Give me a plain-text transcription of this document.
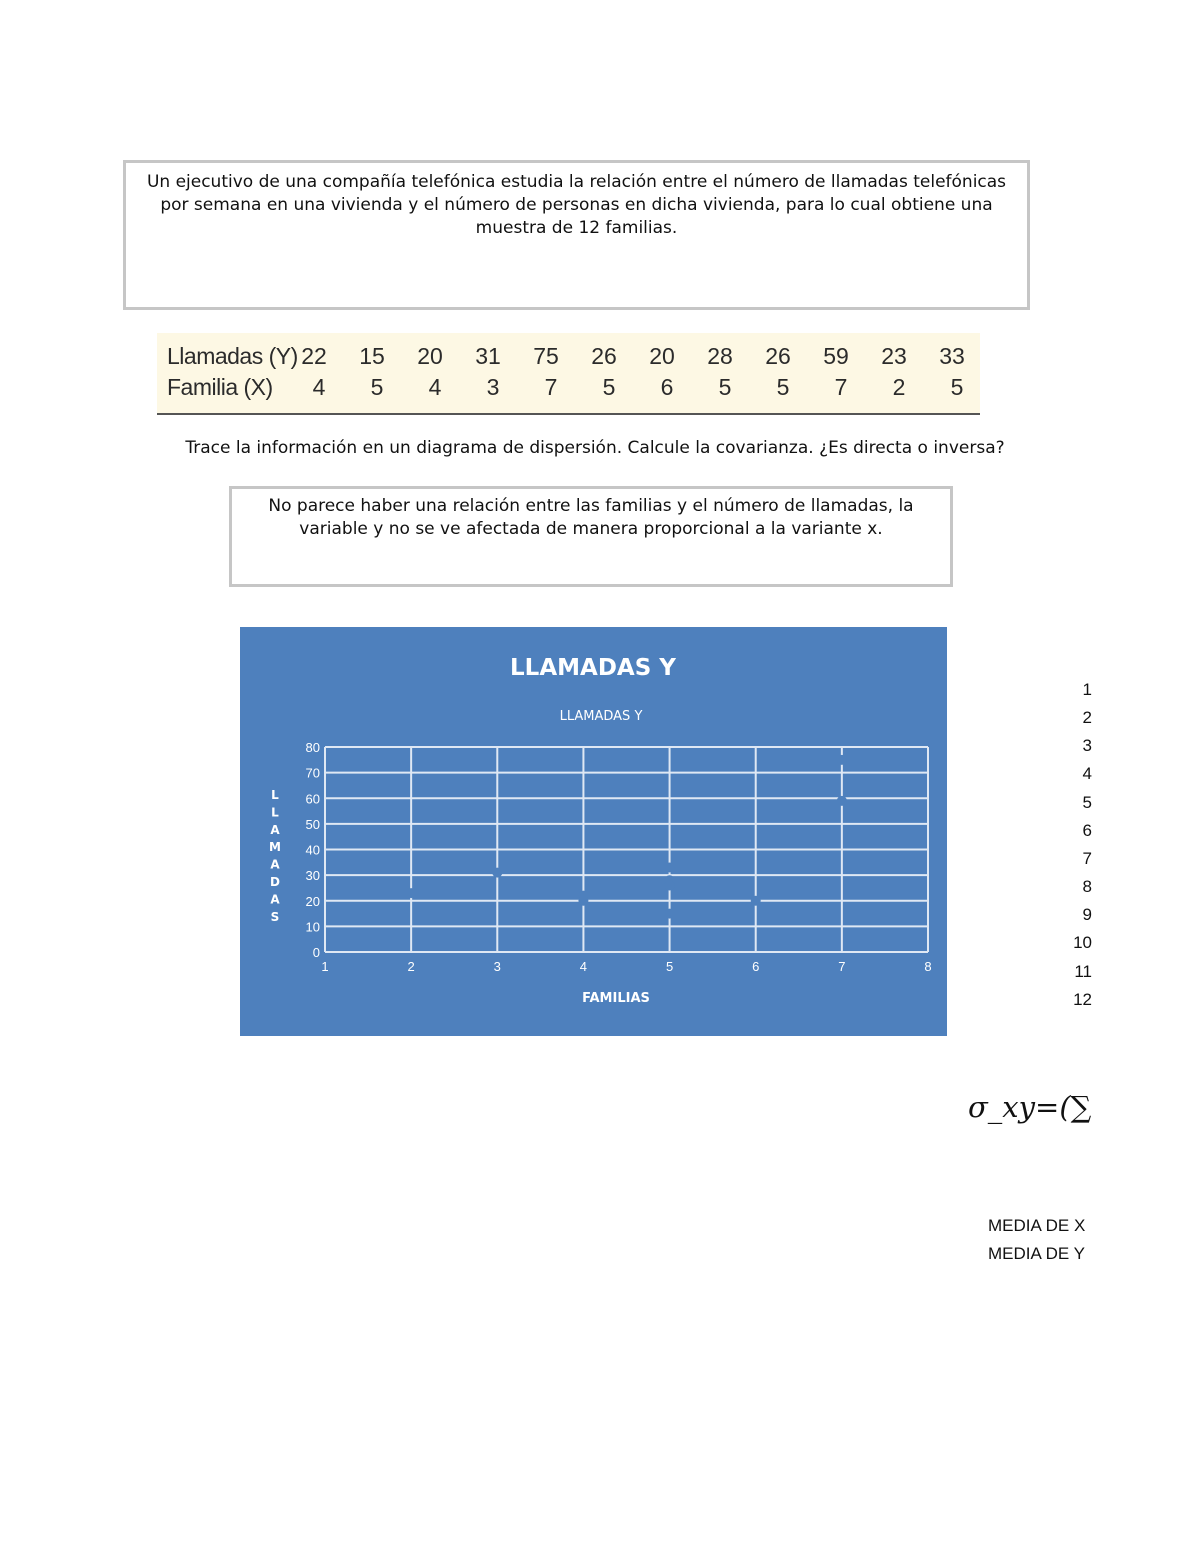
Un ejecutivo de una compañía telefónica estudia la relación entre el número de llamadas telefónicas por semana en una vivienda y el número de personas en dicha vivienda, para lo cual obtiene una muestra de 12 familias.
Llamadas (Y) 22	15	20	31	75	26	20	28	26	59	23	33
Familia (X)	4	5	4	3	7	5	6	5	5	7	2	5
Trace la información en un diagrama de dispersión. Calcule la covarianza. ¿Es directa o inversa?
No parece haber una relación entre las familias y el número de llamadas, la variable y no se ve afectada de manera proporcional a la variante x.
LLAMADAS Y
LLAMADAS Y
FAMILIAS
L
L
A
M
A
D
A
S
0
10
20
30
40
50
60
70
80
1	2	3	4	5	6	7	8
1
2
3
4
5
6
7
8
9
10
11
12
σ_xy=(∑
MEDIA DE X
MEDIA DE Y
